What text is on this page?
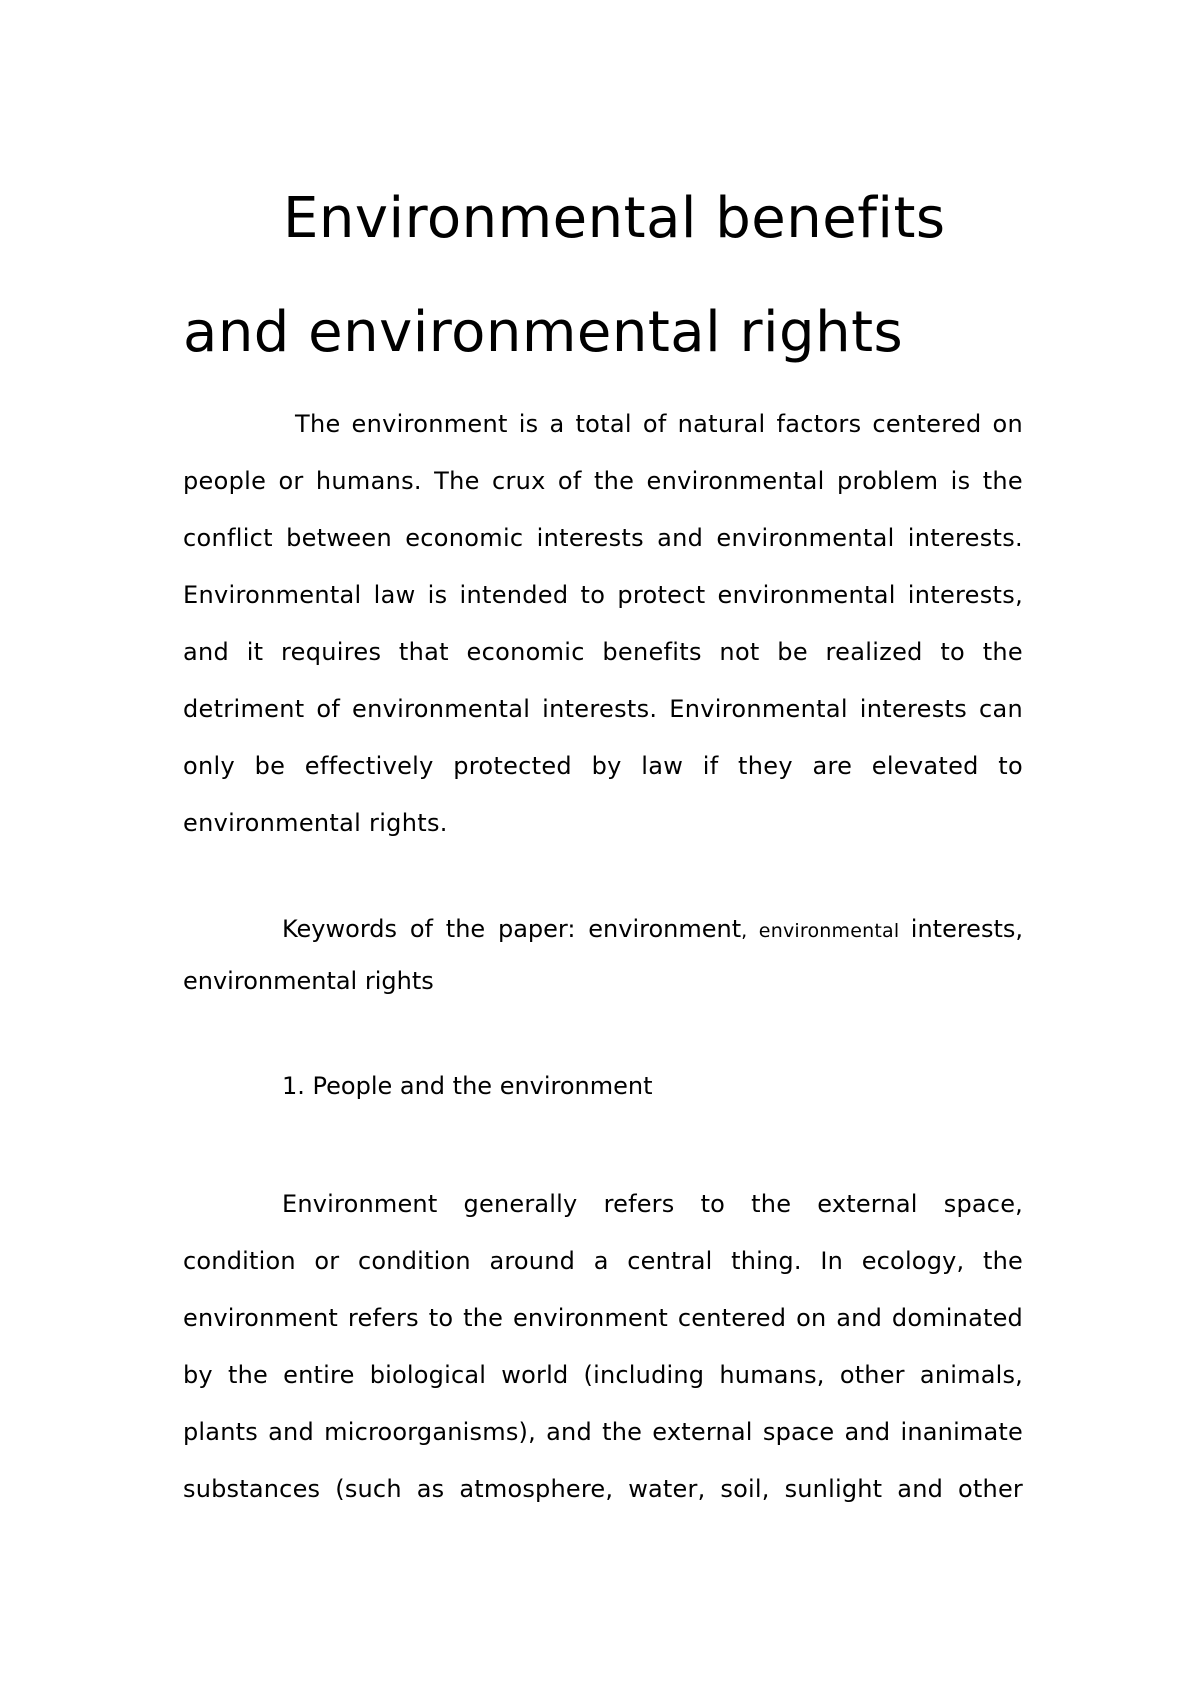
Environmental benefits
and environmental rights

The environment is a total of natural factors centered on people or humans. The crux of the environmental problem is the conflict between economic interests and environmental interests. Environmental law is intended to protect environmental interests, and it requires that economic benefits not be realized to the detriment of environmental interests. Environmental interests can only be effectively protected by law if they are elevated to environmental rights.

Keywords of the paper: environment, environmental interests, environmental rights

1. People and the environment

Environment generally refers to the external space, condition or condition around a central thing. In ecology, the environment refers to the environment centered on and dominated by the entire biological world (including humans, other animals, plants and microorganisms), and the external space and inanimate substances (such as atmosphere, water, soil, sunlight and other
